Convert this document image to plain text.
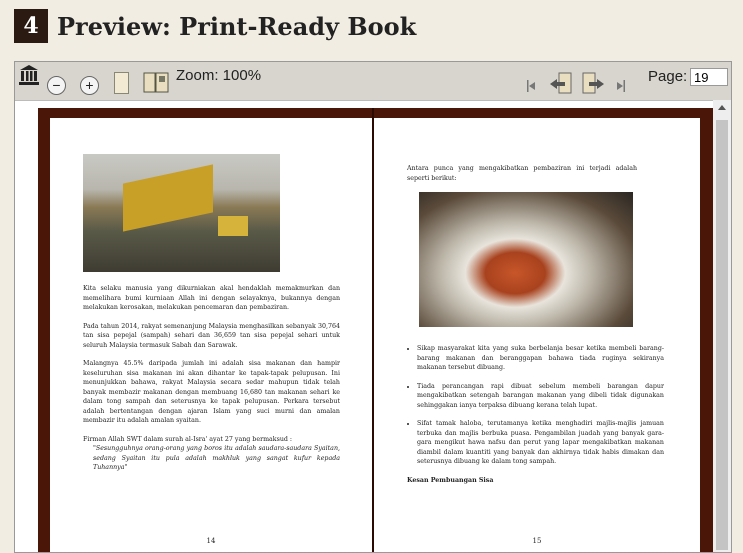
4 Preview: Print-Ready Book
−	+
Zoom: 100%	Page:
19

Kita selaku manusia yang dikurniakan akal hendaklah memakmurkan dan memelihara bumi kurniaan Allah ini dengan selayaknya, bukannya dengan melakukan kerosakan, melakukan pencemaran dan pembaziran.

Pada tahun 2014, rakyat semenanjung Malaysia menghasilkan sebanyak 30,764 tan sisa pepejal (sampah) sehari dan 36,659 tan sisa pepejal sehari untuk seluruh Malaysia termasuk Sabah dan Sarawak.

Malangnya 45.5% daripada jumlah ini adalah sisa makanan dan hampir keseluruhan sisa makanan ini akan dihantar ke tapak-tapak pelupusan. Ini menunjukkan bahawa, rakyat Malaysia secara sedar mahupun tidak telah banyak membazir makanan dengan membuang 16,680 tan makanan sehari ke dalam tong sampah dan seterusnya ke tapak pelupusan. Perkara tersebut adalah bertentangan dengan ajaran Islam yang suci murni dan amalan membazir itu adalah amalan syaitan.

Firman Allah SWT dalam surah al-Isra' ayat 27 yang bermaksud :
"Sesungguhnya orang-orang yang boros itu adalah saudara-saudara Syaitan, sedang Syaitan itu pula adalah makhluk yang sangat kufur kepada Tuhannya"
14
Antara punca yang mengakibatkan pembaziran ini terjadi adalah seperti berikut:
• Sikap masyarakat kita yang suka berbelanja besar ketika membeli barang-barang makanan dan beranggapan bahawa tiada ruginya sekiranya makanan tersebut dibuang.
• Tiada perancangan rapi dibuat sebelum membeli barangan dapur mengakibatkan setengah barangan makanan yang dibeli tidak digunakan sehinggakan ianya terpaksa dibuang kerana telah lupat.
• Sifat tamak haloba, terutamanya ketika menghadiri majlis-majlis jamuan terbuka dan majlis berbuka puasa. Pengambilan juadah yang banyak gara-gara mengikut hawa nafsu dan perut yang lapar mengakibatkan makanan diambil dalam kuantiti yang banyak dan akhirnya tidak habis dimakan dan seterusnya dibuang ke dalam tong sampah.
Kesan Pembuangan Sisa
15
